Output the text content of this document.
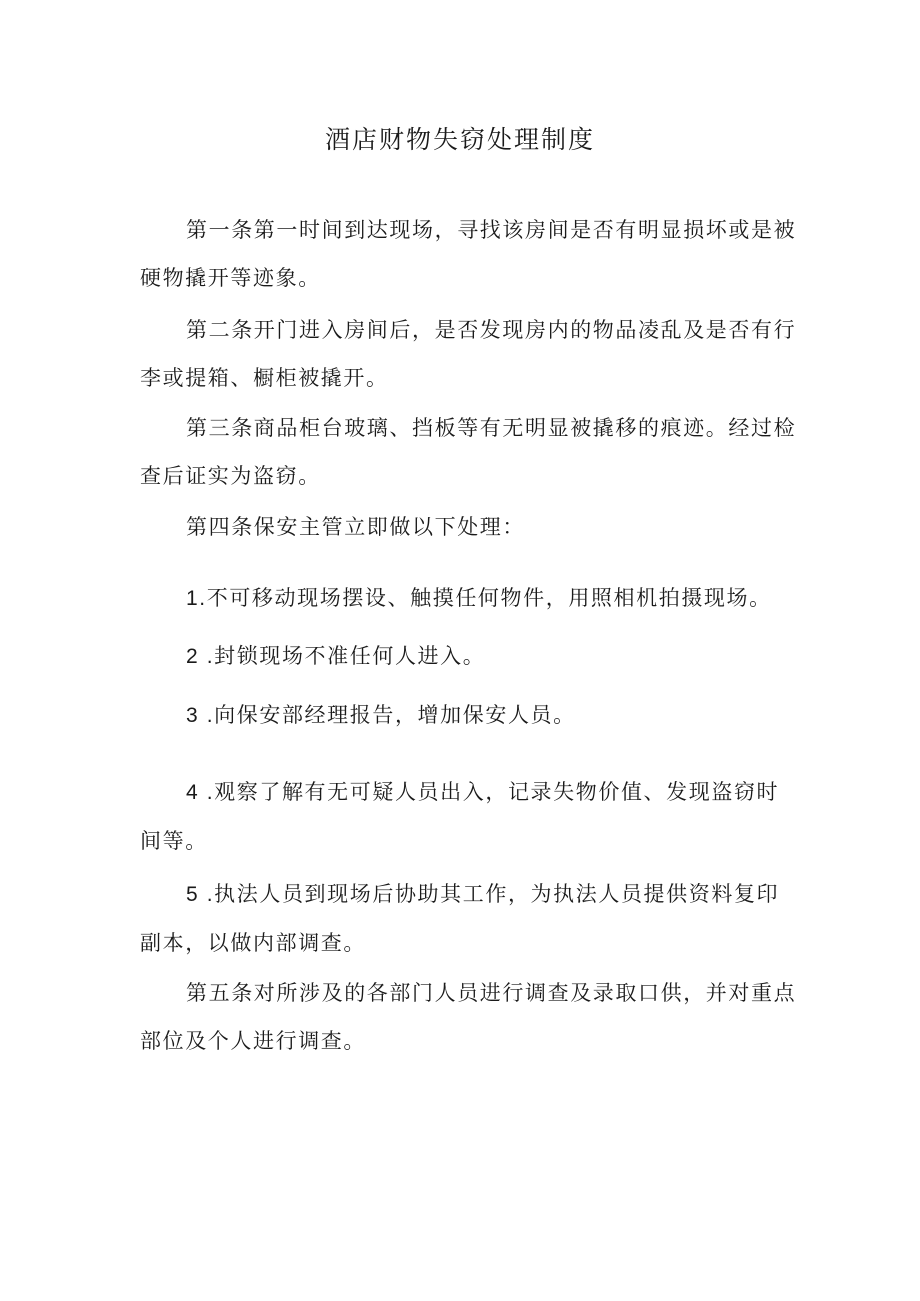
酒店财物失窃处理制度

第一条第一时间到达现场，寻找该房间是否有明显损坏或是被硬物撬开等迹象。

第二条开门进入房间后，是否发现房内的物品凌乱及是否有行李或提箱、橱柜被撬开。

第三条商品柜台玻璃、挡板等有无明显被撬移的痕迹。经过检查后证实为盗窃。

第四条保安主管立即做以下处理：

1.不可移动现场摆设、触摸任何物件，用照相机拍摄现场。

2 .封锁现场不准任何人进入。

3 .向保安部经理报告，增加保安人员。

4 .观察了解有无可疑人员出入，记录失物价值、发现盗窃时间等。

5 .执法人员到现场后协助其工作，为执法人员提供资料复印副本，以做内部调查。

第五条对所涉及的各部门人员进行调查及录取口供，并对重点部位及个人进行调查。
